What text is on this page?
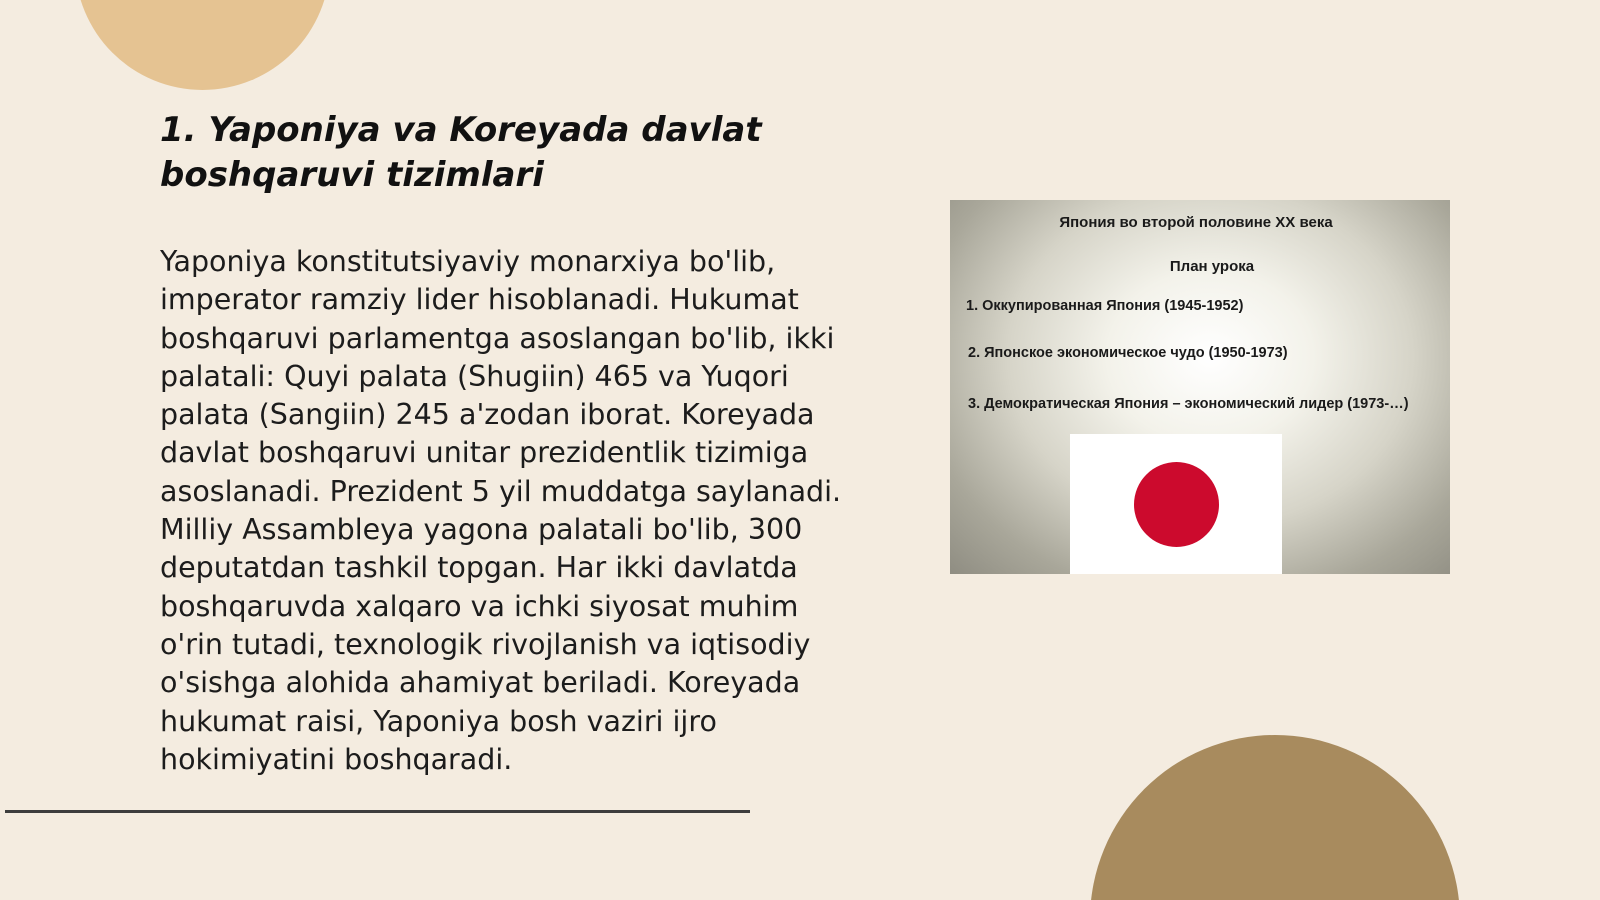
1. Yaponiya va Koreyada davlat boshqaruvi tizimlari

Yaponiya konstitutsiyaviy monarxiya bo'lib, imperator ramziy lider hisoblanadi. Hukumat boshqaruvi parlamentga asoslangan bo'lib, ikki palatali: Quyi palata (Shugiin) 465 va Yuqori palata (Sangiin) 245 a'zodan iborat. Koreyada davlat boshqaruvi unitar prezidentlik tizimiga asoslanadi. Prezident 5 yil muddatga saylanadi. Milliy Assambleya yagona palatali bo'lib, 300 deputatdan tashkil topgan. Har ikki davlatda boshqaruvda xalqaro va ichki siyosat muhim o'rin tutadi, texnologik rivojlanish va iqtisodiy o'sishga alohida ahamiyat beriladi. Koreyada hukumat raisi, Yaponiya bosh vaziri ijro hokimiyatini boshqaradi.

Япония во второй половине XX века
План урока
1. Оккупированная Япония (1945-1952)
2. Японское экономическое чудо (1950-1973)
3. Демократическая Япония – экономический лидер (1973-…)
